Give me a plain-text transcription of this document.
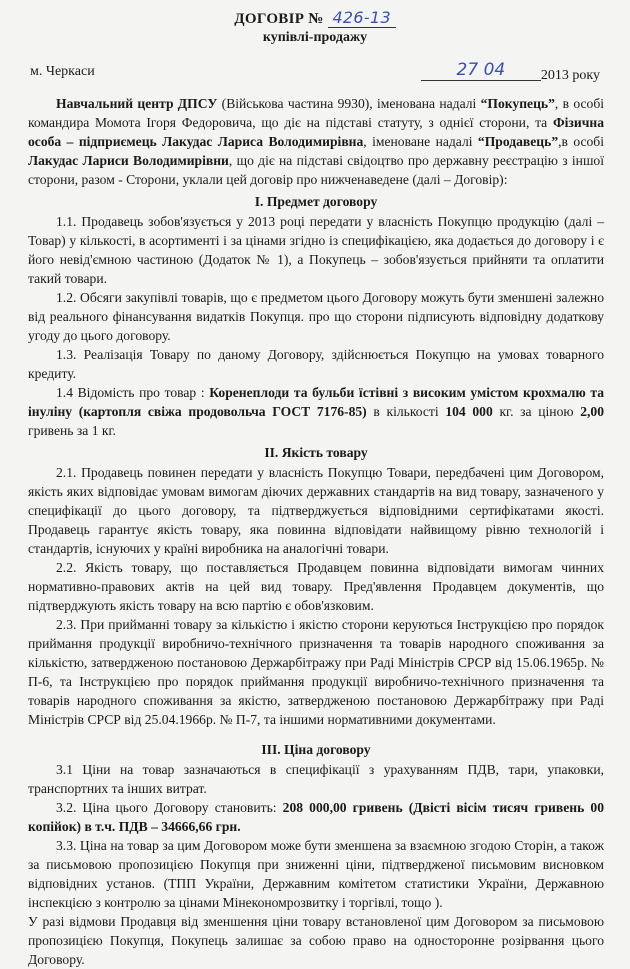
ДОГОВІР № 426-13
купівлі-продажу
м. Черкаси	27 04	2013 року

Навчальний центр ДПСУ (Військова частина 9930), іменована надалі “Покупець”, в особі командира Момота Ігоря Федоровича, що діє на підставі статуту, з однієї сторони, та Фізична особа – підприємець Лакудас Лариса Володимирівна, іменоване надалі “Продавець”,в особі Лакудас Лариси Володимирівни, що діє на підставі свідоцтво про державну реєстрацію з іншої сторони, разом - Сторони, уклали цей договір про нижченаведене (далі – Договір):

І. Предмет договору

1.1. Продавець зобов'язується у 2013 році передати у власність Покупцю продукцію (далі – Товар) у кількості, в асортименті і за цінами згідно із специфікацією, яка додається до договору і є його невід'ємною частиною (Додаток № 1), а Покупець – зобов'язується прийняти та оплатити такий товари.

1.2. Обсяги закупівлі товарів, що є предметом цього Договору можуть бути зменшені залежно від реального фінансування видатків Покупця. про що сторони підписують відповідну додаткову угоду до цього договору.

1.3. Реалізація Товару по даному Договору, здійснюється Покупцю на умовах товарного кредиту.

1.4 Відомість про товар : Коренеплоди та бульби їстівні з високим умістом крохмалю та інуліну (картопля свіжа продовольча ГОСТ 7176-85) в кількості 104 000 кг. за ціною 2,00 гривень за 1 кг.

ІІ. Якість товару

2.1. Продавець повинен передати у власність Покупцю Товари, передбачені цим Договором, якість яких відповідає умовам вимогам діючих державних стандартів на вид товару, зазначеного у специфікації до цього договору, та підтверджується відповідними сертифікатами якості. Продавець гарантує якість товару, яка повинна відповідати найвищому рівню технологій і стандартів, існуючих у країні виробника на аналогічні товари.

2.2. Якість товару, що поставляється Продавцем повинна відповідати вимогам чинних нормативно-правових актів на цей вид товару. Пред'явлення Продавцем документів, що підтверджують якість товару на всю партію є обов'язковим.

2.3. При прийманні товару за кількістю і якістю сторони керуються Інструкцією про порядок приймання продукції виробничо-технічного призначення та товарів народного споживання за кількістю, затвердженою постановою Держарбітражу при Раді Міністрів СРСР від 15.06.1965р. № П-6, та Інструкцією про порядок приймання продукції виробничо-технічного призначення та товарів народного споживання за якістю, затвердженою постановою Держарбітражу при Раді Міністрів СРСР від 25.04.1966р. № П-7, та іншими нормативними документами.

ІІІ. Ціна договору

3.1 Ціни на товар зазначаються в специфікації з урахуванням ПДВ, тари, упаковки, транспортних та інших витрат.

3.2. Ціна цього Договору становить: 208 000,00 гривень (Двісті вісім тисяч гривень 00 копійок) в т.ч. ПДВ – 34666,66 грн.

3.3. Ціна на товар за цим Договором може бути зменшена за взаємною згодою Сторін, а також за письмовою пропозицією Покупця при зниженні ціни, підтвердженої письмовим висновком відповідних установ. (ТПП України, Державним комітетом статистики України, Державною інспекцією з контролю за цінами Мінекономрозвитку і торгівлі, тощо ).

У разі відмови Продавця від зменшення ціни товару встановленої цим Договором за письмовою пропозицією Покупця, Покупець залишає за собою право на односторонне розірвання цього Договору.
